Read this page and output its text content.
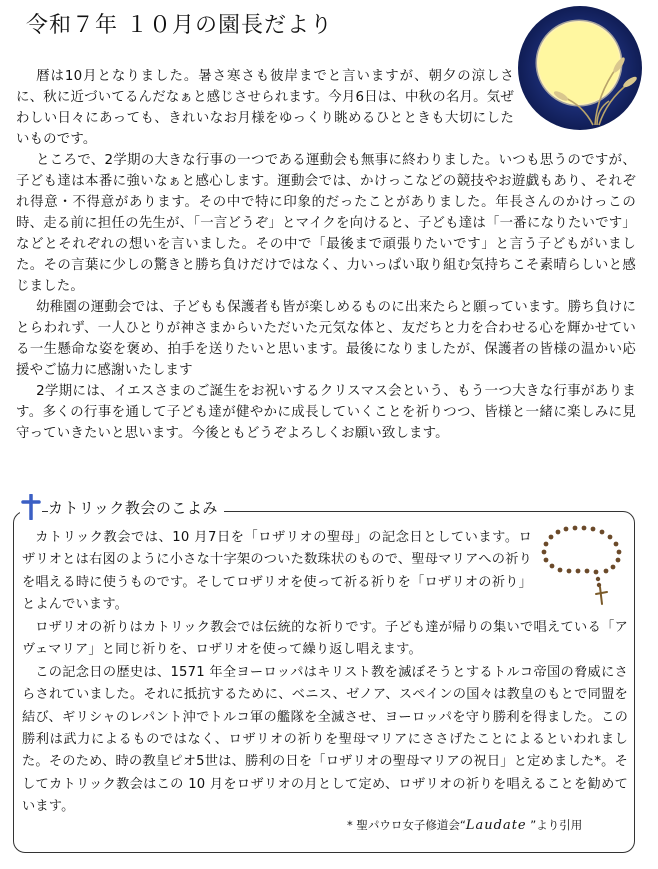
令和７年 １０月の園長だより

暦は10月となりました。暑さ寒さも彼岸までと言いますが、朝夕の涼しさに、秋に近づいてるんだなぁと感じさせられます。今月6日は、中秋の名月。気ぜわしい日々にあっても、きれいなお月様をゆっくり眺めるひとときも大切にしたいものです。

ところで、2学期の大きな行事の一つである運動会も無事に終わりました。いつも思うのですが、子ども達は本番に強いなぁと感心します。運動会では、かけっこなどの競技やお遊戯もあり、それぞれ得意・不得意があります。その中で特に印象的だったことがありました。年長さんのかけっこの時、走る前に担任の先生が、「一言どうぞ」とマイクを向けると、子ども達は「一番になりたいです」などとそれぞれの想いを言いました。その中で「最後まで頑張りたいです」と言う子どもがいました。その言葉に少しの驚きと勝ち負けだけではなく、力いっぱい取り組む気持ちこそ素晴らしいと感じました。

幼稚園の運動会では、子どもも保護者も皆が楽しめるものに出来たらと願っています。勝ち負けにとらわれず、一人ひとりが神さまからいただいた元気な体と、友だちと力を合わせる心を輝かせている一生懸命な姿を褒め、拍手を送りたいと思います。最後になりましたが、保護者の皆様の温かい応援やご協力に感謝いたします

2学期には、イエスさまのご誕生をお祝いするクリスマス会という、もう一つ大きな行事があります。多くの行事を通して子ども達が健やかに成長していくことを祈りつつ、皆様と一緒に楽しみに見守っていきたいと思います。今後ともどうぞよろしくお願い致します。

カトリック教会のこよみ

カトリック教会では、10 月7日を「ロザリオの聖母」の記念日としています。ロザリオとは右図のように小さな十字架のついた数珠状のもので、聖母マリアへの祈りを唱える時に使うものです。そしてロザリオを使って祈る祈りを「ロザリオの祈り」とよんでいます。

ロザリオの祈りはカトリック教会では伝統的な祈りです。子ども達が帰りの集いで唱えている「アヴェマリア」と同じ祈りを、ロザリオを使って繰り返し唱えます。

この記念日の歴史は、1571 年全ヨーロッパはキリスト教を滅ぼそうとするトルコ帝国の脅威にさらされていました。それに抵抗するために、ベニス、ゼノア、スペインの国々は教皇のもとで同盟を結び、ギリシャのレパント沖でトルコ軍の艦隊を全滅させ、ヨーロッパを守り勝利を得ました。この勝利は武力によるものではなく、ロザリオの祈りを聖母マリアにささげたことによるといわれました。そのため、時の教皇ピオ5世は、勝利の日を「ロザリオの聖母マリアの祝日」と定めました*。そしてカトリック教会はこの 10 月をロザリオの月として定め、ロザリオの祈りを唱えることを勧めています。

* 聖パウロ女子修道会“Laudate ”より引用
